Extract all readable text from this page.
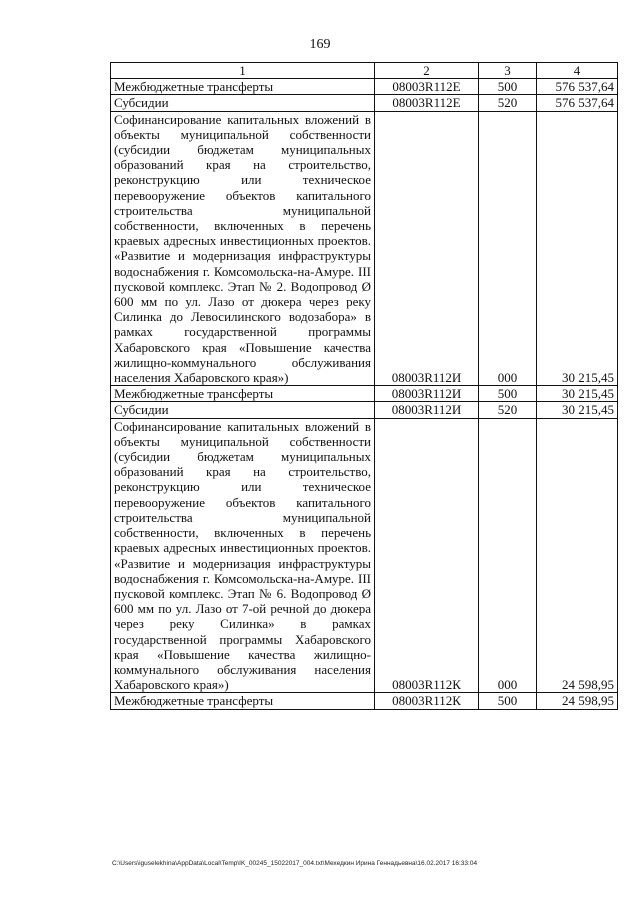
169
1	2	3	4
Межбюджетные трансферты	08003R112E	500	576 537,64
Субсидии	08003R112E	520	576 537,64
Софинансирование капитальных вложений в объекты муниципальной собственности (субсидии бюджетам муниципальных образований края на строительство, реконструкцию или техническое перевооружение объектов капитального строительства муниципальной собственности, включенных в перечень краевых адресных инвестиционных проектов. «Развитие и модернизация инфраструктуры водоснабжения г. Комсомольска-на-Амуре. III пусковой комплекс. Этап № 2. Водопровод Ø 600 мм по ул. Лазо от дюкера через реку Силинка до Левосилинского водозабора» в рамках государственной программы Хабаровского края «Повышение качества жилищно-коммунального обслуживания населения Хабаровского края»)	08003R112И	000	30 215,45
Межбюджетные трансферты	08003R112И	500	30 215,45
Субсидии	08003R112И	520	30 215,45
Софинансирование капитальных вложений в объекты муниципальной собственности (субсидии бюджетам муниципальных образований края на строительство, реконструкцию или техническое перевооружение объектов капитального строительства муниципальной собственности, включенных в перечень краевых адресных инвестиционных проектов. «Развитие и модернизация инфраструктуры водоснабжения г. Комсомольска-на-Амуре. III пусковой комплекс. Этап № 6. Водопровод Ø 600 мм по ул. Лазо от 7-ой речной до дюкера через реку Силинка» в рамках государственной программы Хабаровского края «Повышение качества жилищно-коммунального обслуживания населения Хабаровского края»)	08003R112К	000	24 598,95
Межбюджетные трансферты	08003R112К	500	24 598,95
C:\Users\iguselekhina\AppData\Local\Temp\IK_00245_15022017_004.txt\Мехедкин Ирина Геннадьевна\16.02.2017 16:33:04
